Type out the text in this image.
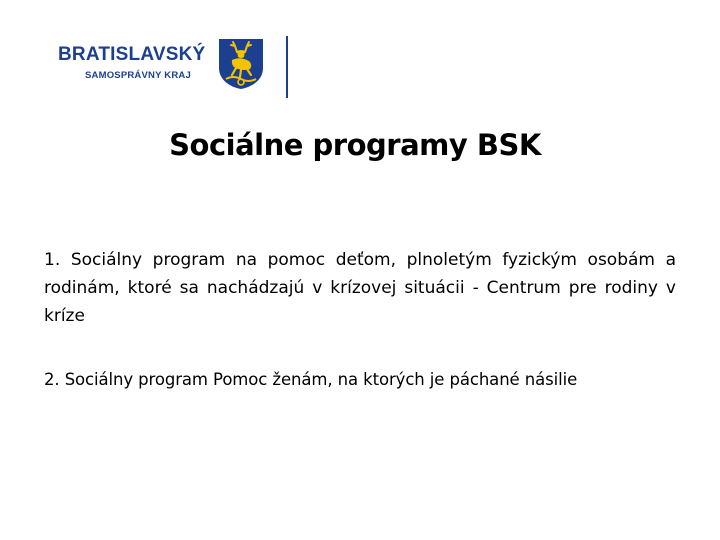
BRATISLAVSKÝ
SAMOSPRÁVNY KRAJ
Sociálne programy BSK

1. Sociálny program na pomoc deťom, plnoletým fyzickým osobám a rodinám, ktoré sa nachádzajú v krízovej situácii - Centrum pre rodiny v kríze

2. Sociálny program Pomoc ženám, na ktorých je páchané násilie
